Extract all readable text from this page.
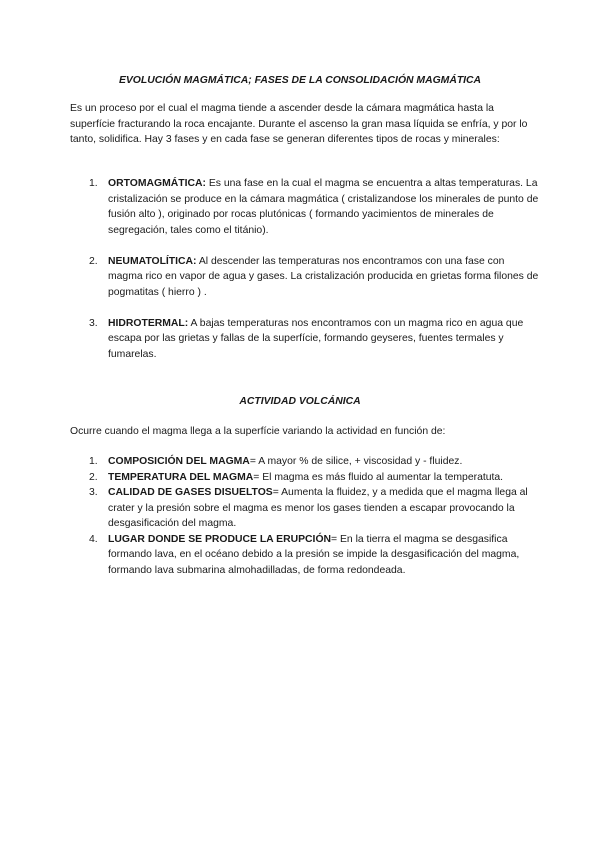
EVOLUCIÓN MAGMÁTICA; FASES DE LA CONSOLIDACIÓN MAGMÁTICA

Es un proceso por el cual el magma tiende a ascender desde la cámara magmática hasta la superfície fracturando la roca encajante. Durante el ascenso la gran masa líquida se enfría, y por lo tanto, solidifica. Hay 3 fases y en cada fase se generan diferentes tipos de rocas y minerales:

1. ORTOMAGMÁTICA: Es una fase en la cual el magma se encuentra a altas temperaturas. La cristalización se produce en la cámara magmática ( cristalizandose los minerales de punto de fusión alto ), originado por rocas plutónicas ( formando yacimientos de minerales de segregación, tales como el titánio).
2. NEUMATOLÍTICA: Al descender las temperaturas nos encontramos con una fase con magma rico en vapor de agua y gases. La cristalización producida en grietas forma filones de pogmatitas ( hierro ) .
3. HIDROTERMAL: A bajas temperaturas nos encontramos con un magma rico en agua que escapa por las grietas y fallas de la superfície, formando geyseres, fuentes termales y fumarelas.
ACTIVIDAD VOLCÁNICA

Ocurre cuando el magma llega a la superfície variando la actividad en función de:

1. COMPOSICIÓN DEL MAGMA= A mayor % de silice, + viscosidad y - fluidez.
2. TEMPERATURA DEL MAGMA= El magma es más fluido al aumentar la temperatuta.
3. CALIDAD DE GASES DISUELTOS= Aumenta la fluidez, y a medida que el magma llega al crater y la presión sobre el magma es menor los gases tienden a escapar provocando la desgasificación del magma.
4. LUGAR DONDE SE PRODUCE LA ERUPCIÓN= En la tierra el magma se desgasifica formando lava, en el océano debido a la presión se impide la desgasificación del magma, formando lava submarina almohadilladas, de forma redondeada.
